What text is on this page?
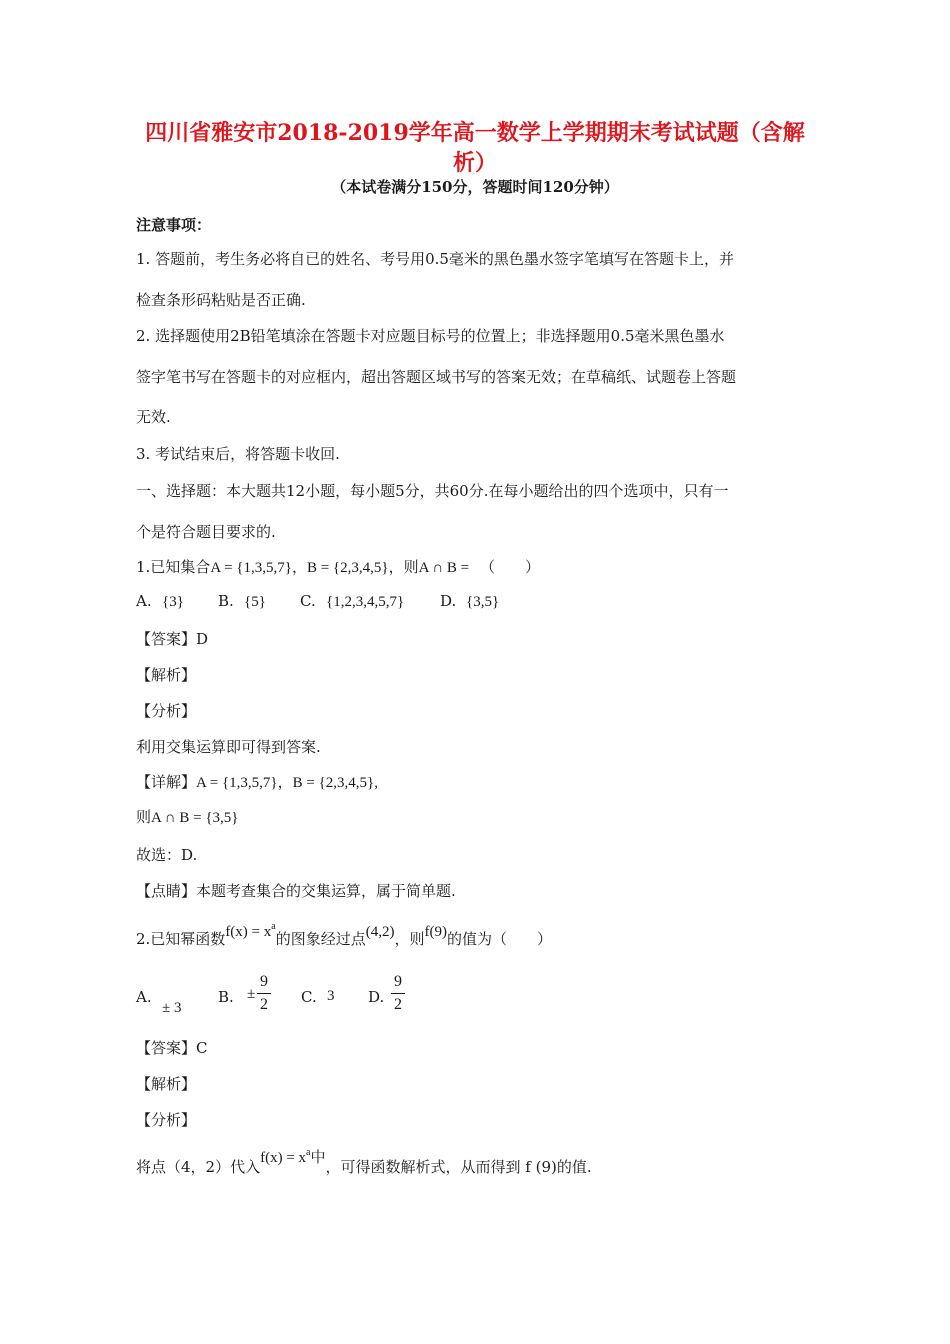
四川省雅安市2018-2019学年高一数学上学期期末考试试题（含解析）
（本试卷满分150分，答题时间120分钟）
注意事项：
1. 答题前，考生务必将自已的姓名、考号用0.5毫米的黑色墨水签字笔填写在答题卡上，并
检查条形码粘贴是否正确.
2. 选择题使用2B铅笔填涂在答题卡对应题目标号的位置上；非选择题用0.5毫米黑色墨水
签字笔书写在答题卡的对应框内，超出答题区域书写的答案无效；在草稿纸、试题卷上答题
无效.
3. 考试结束后，将答题卡收回.
一、选择题：本大题共12小题，每小题5分，共60分.在每小题给出的四个选项中，只有一
个是符合题目要求的.
1.已知集合A = {1,3,5,7}，B = {2,3,4,5}，则A ∩ B = （　　）
A. {3} B. {5} C. {1,2,3,4,5,7} D. {3,5}
【答案】D
【解析】
【分析】
利用交集运算即可得到答案.
【详解】A = {1,3,5,7}，B = {2,3,4,5},
则A ∩ B = {3,5}
故选：D.
【点睛】本题考查集合的交集运算，属于简单题.
2.已知幂函数$f(x) = x^a$的图象经过点(4,2)，则f(9)的值为（　　）
A.
± 3
B. ±
9
2 C. 3 D.
9
2
【答案】C
【解析】
【分析】
将点（4，2）代入$f(x) = x^a$中，可得函数解析式，从而得到 f (9)的值.
